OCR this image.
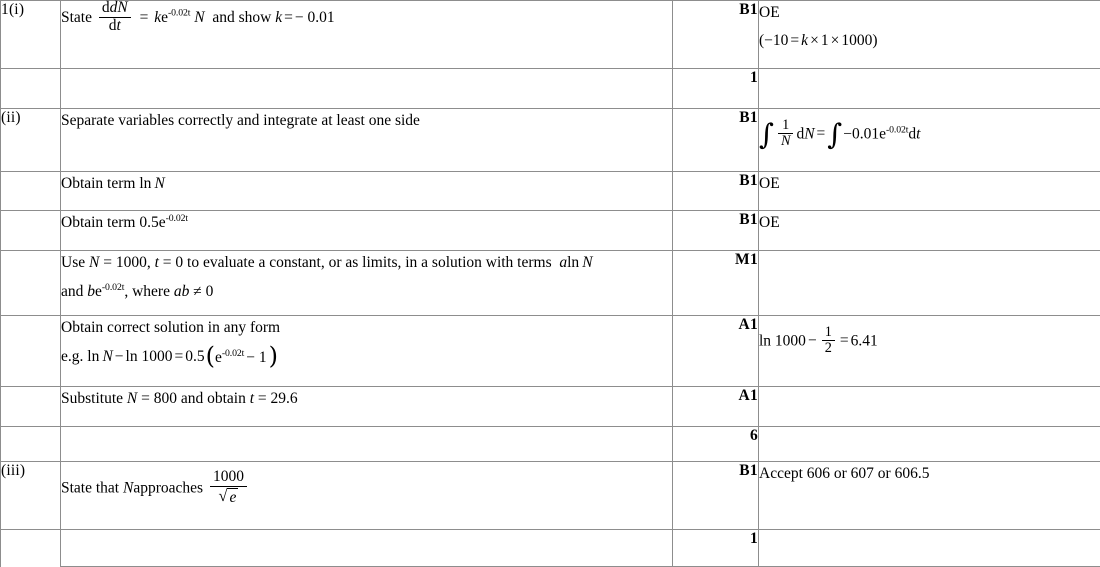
1(i)	State $\frac{\text{ddN}}{dt} = ke^{-0.02t}$ N and show k = − 0.01	B1	OE
(−10 = k × 1 × 1000)

		1	
(ii)	Separate variables correctly and integrate at least one side	B1	∫ $\frac{1}{N}$ dN $=\int-0.01e^{-0.02t}dt$

	Obtain term ln  N	B1	OE

	Obtain term $0.5e^{-0.02t}$	B1	OE

	Use N = 1000, t = 0 to evaluate a constant, or as limits, in a solution with terms aln  N
and $be^{-0.02t}$, where ab ≠ 0	M1	

	Obtain correct solution in any form
e.g. $\ln N - \ln 1000 = 0.5(e^{-0.02t} - 1)$	A1	$\ln 1000 - \frac{1}{2} = 6.41$

	Substitute N = 800 and obtain t = 29.6	A1	
		6	
(iii)	State that Napproaches $\frac{1000}{√ e}$	B1	Accept 606 or 607 or 606.5
		1	
